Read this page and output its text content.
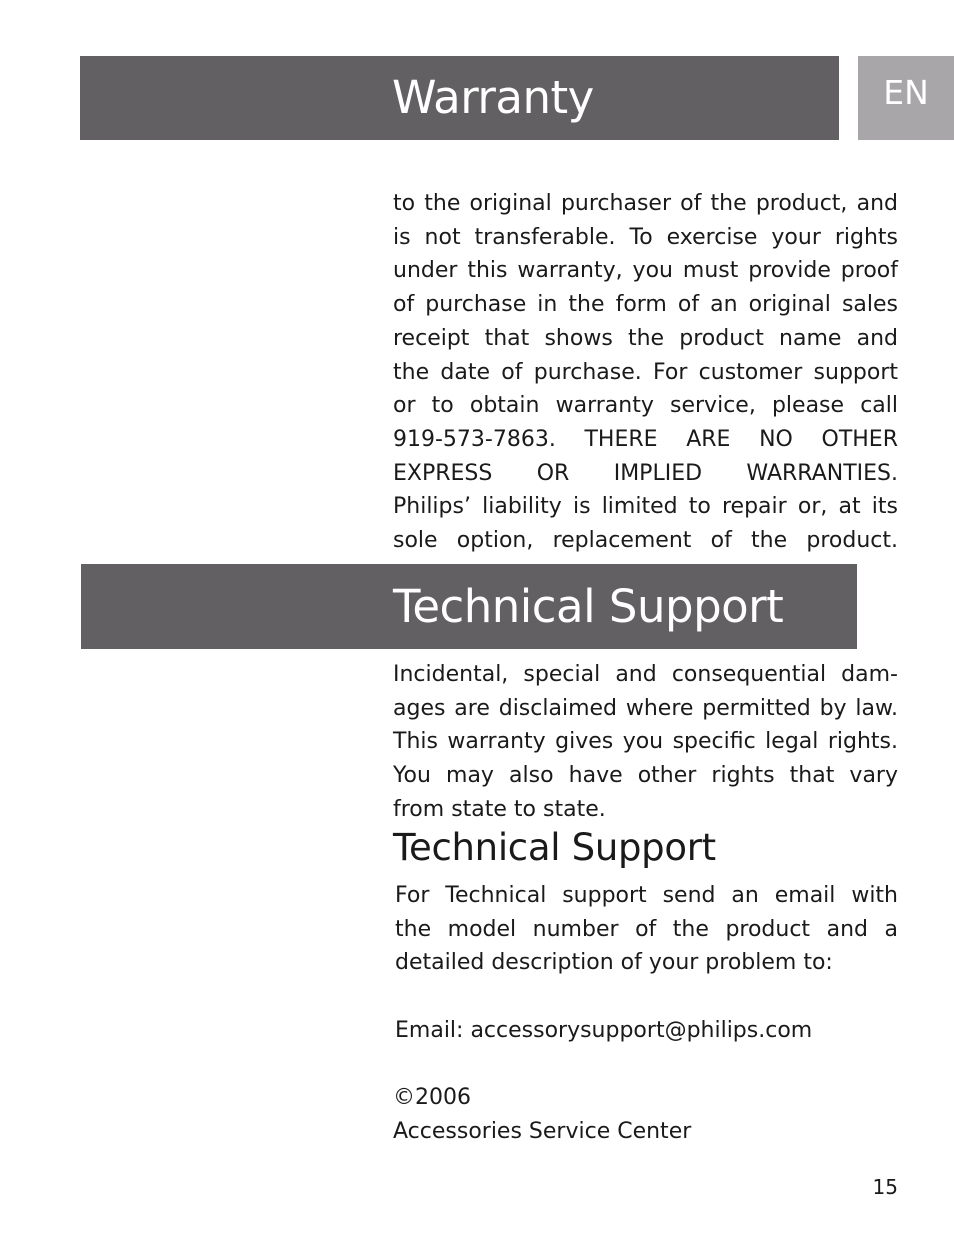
Warranty	EN
to the original purchaser of the product, and
is not transferable. To exercise your rights
under this warranty, you must provide proof
of purchase in the form of an original sales
receipt that shows the product name and
the date of purchase. For customer support
or to obtain warranty service, please call
919-573-7863. THERE ARE NO OTHER
EXPRESS OR IMPLIED WARRANTIES.
Philips’ liability is limited to repair or, at its
sole option, replacement of the product.
Technical Support
Incidental, special and consequential dam-
ages are disclaimed where permitted by law.
This warranty gives you specific legal rights.
You may also have other rights that vary
from state to state.
Technical Support
For Technical support send an email with
the model number of the product and a
detailed description of your problem to:
Email: accessorysupport@philips.com
©2006
Accessories Service Center
15
